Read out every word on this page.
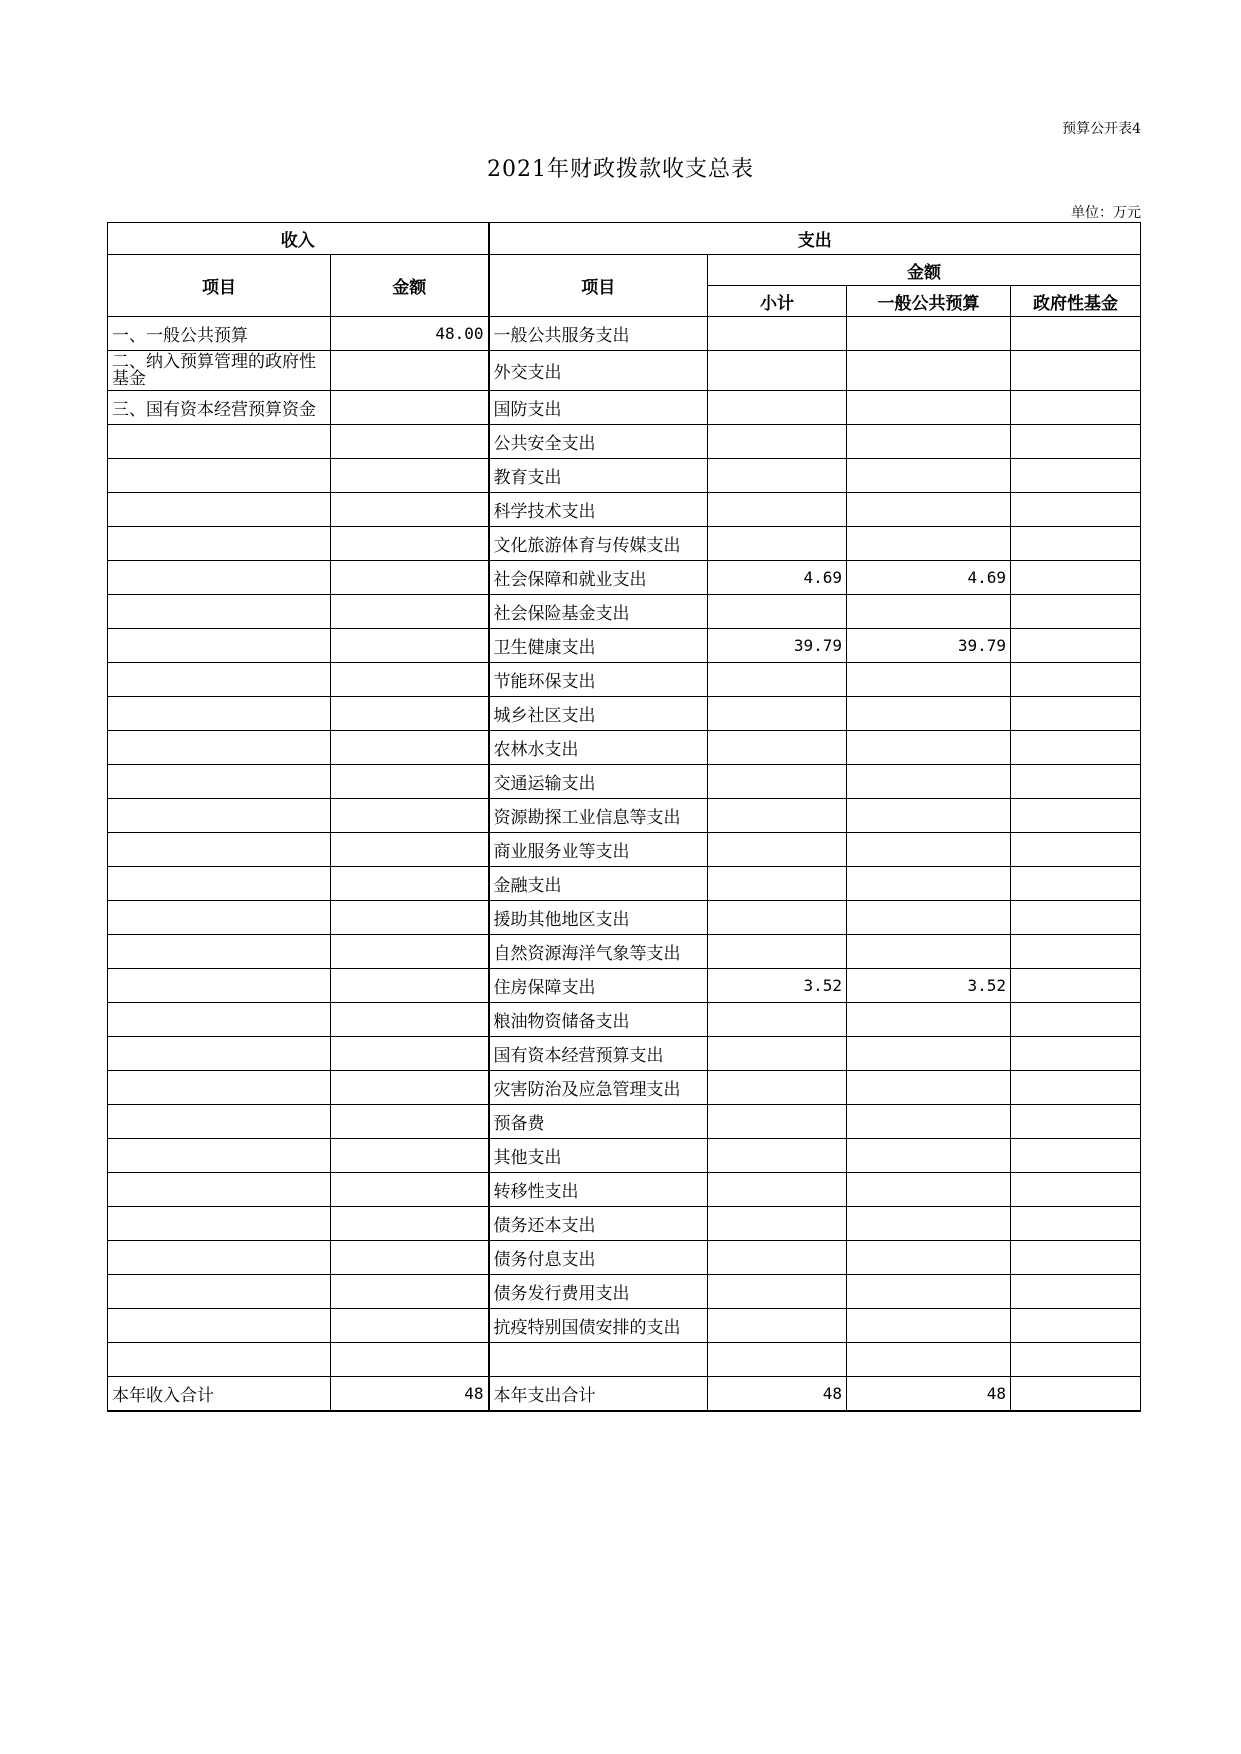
预算公开表4
2021年财政拨款收支总表
单位：万元
收入		支出			
项目	金额	项目	金额		
			小计	一般公共预算	政府性基金
一、一般公共预算	48.00	一般公共服务支出			
二、纳入预算管理的政府性基金		外交支出			
三、国有资本经营预算资金		国防支出			
		公共安全支出			
		教育支出			
		科学技术支出			
		文化旅游体育与传媒支出			
		社会保障和就业支出	4.69	4.69	
		社会保险基金支出			
		卫生健康支出	39.79	39.79	
		节能环保支出			
		城乡社区支出			
		农林水支出			
		交通运输支出			
		资源勘探工业信息等支出			
		商业服务业等支出			
		金融支出			
		援助其他地区支出			
		自然资源海洋气象等支出			
		住房保障支出	3.52	3.52	
		粮油物资储备支出			
		国有资本经营预算支出			
		灾害防治及应急管理支出			
		预备费			
		其他支出			
		转移性支出			
		债务还本支出			
		债务付息支出			
		债务发行费用支出			
		抗疫特别国债安排的支出			

本年收入合计	48	本年支出合计	48	48	
